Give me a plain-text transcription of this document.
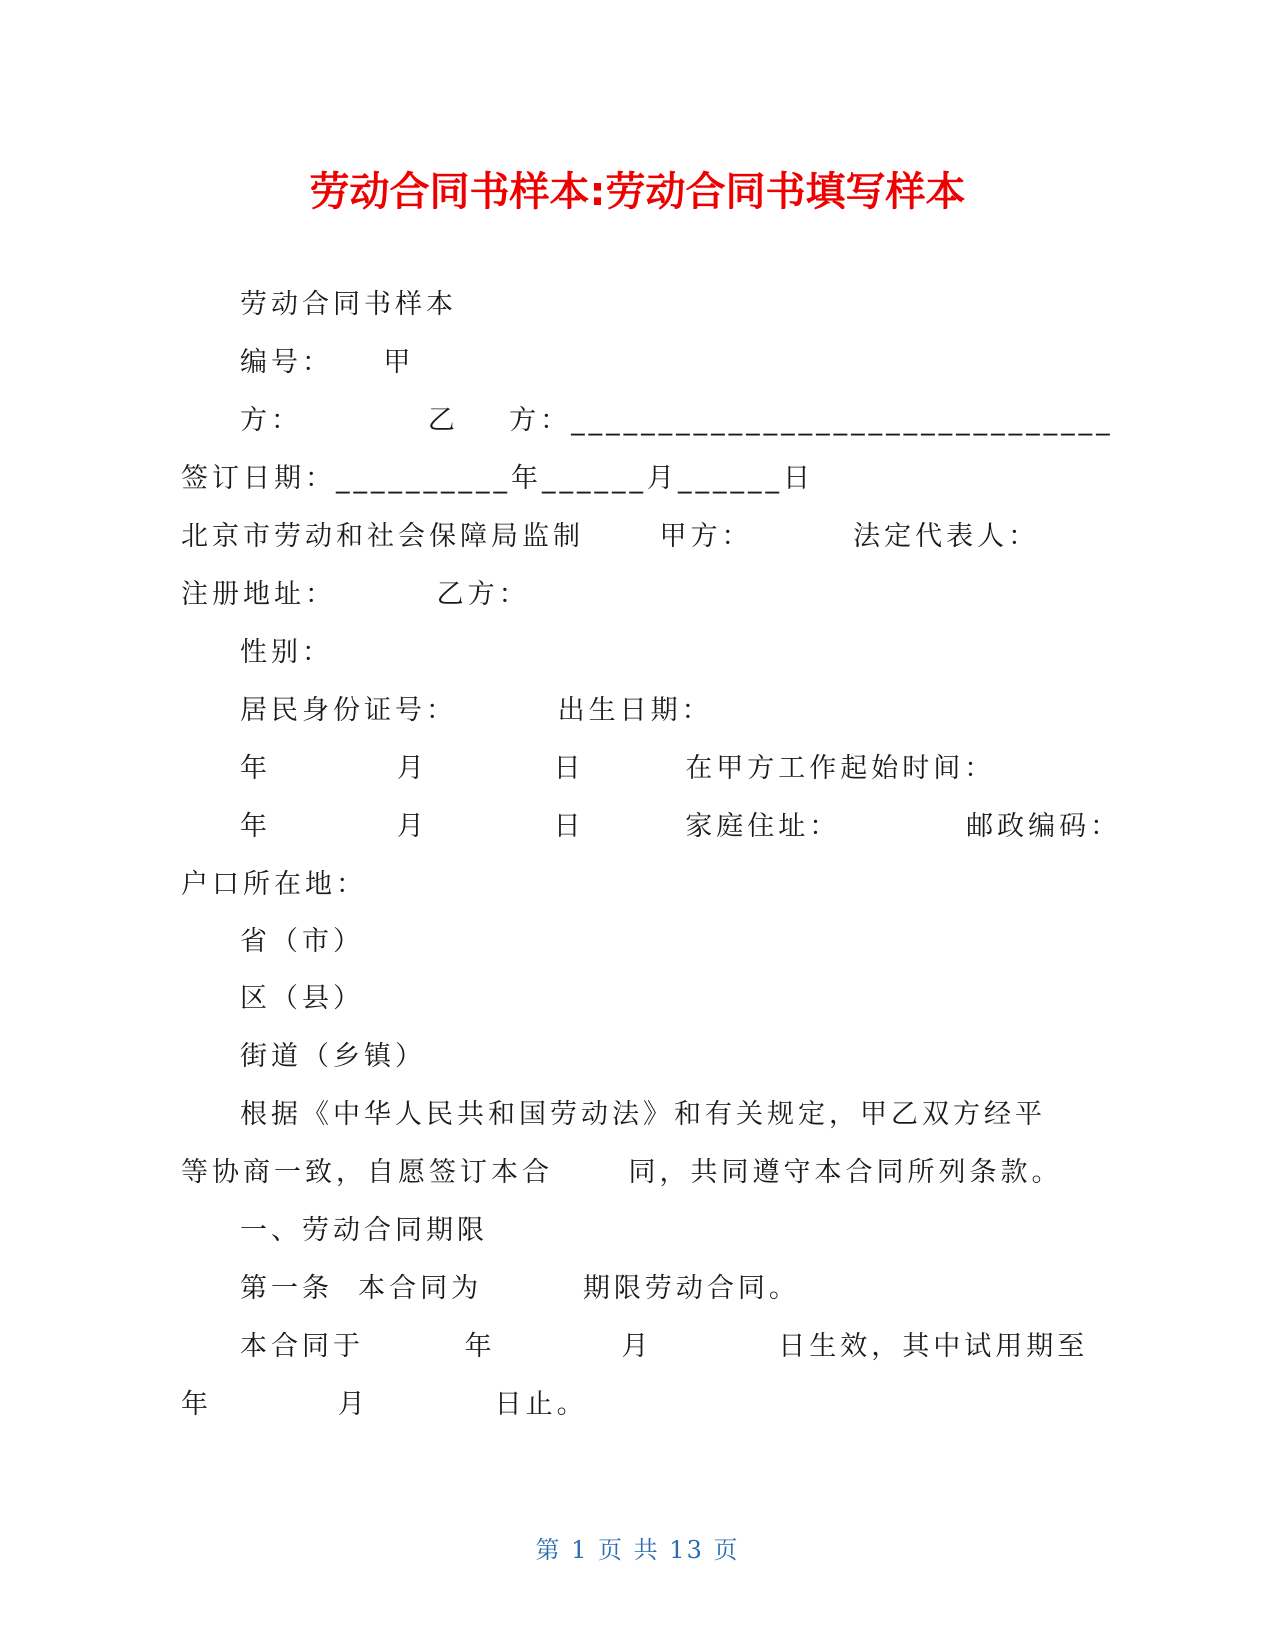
劳动合同书样本:劳动合同书填写样本
劳动合同书样本
编号：    甲
方：          乙    方：_______________________________
签订日期：__________年______月______日
北京市劳动和社会保障局监制      甲方：        法定代表人：
注册地址：        乙方：
性别：
居民身份证号：        出生日期：
年          月          日        在甲方工作起始时间：
年          月          日        家庭住址：          邮政编码：
户口所在地：
省（市）
区（县）
街道（乡镇）
根据《中华人民共和国劳动法》和有关规定，甲乙双方经平
等协商一致，自愿签订本合      同，共同遵守本合同所列条款。
一、劳动合同期限
第一条  本合同为        期限劳动合同。
本合同于        年          月          日生效，其中试用期至
年          月          日止。
第 1 页 共 13 页
